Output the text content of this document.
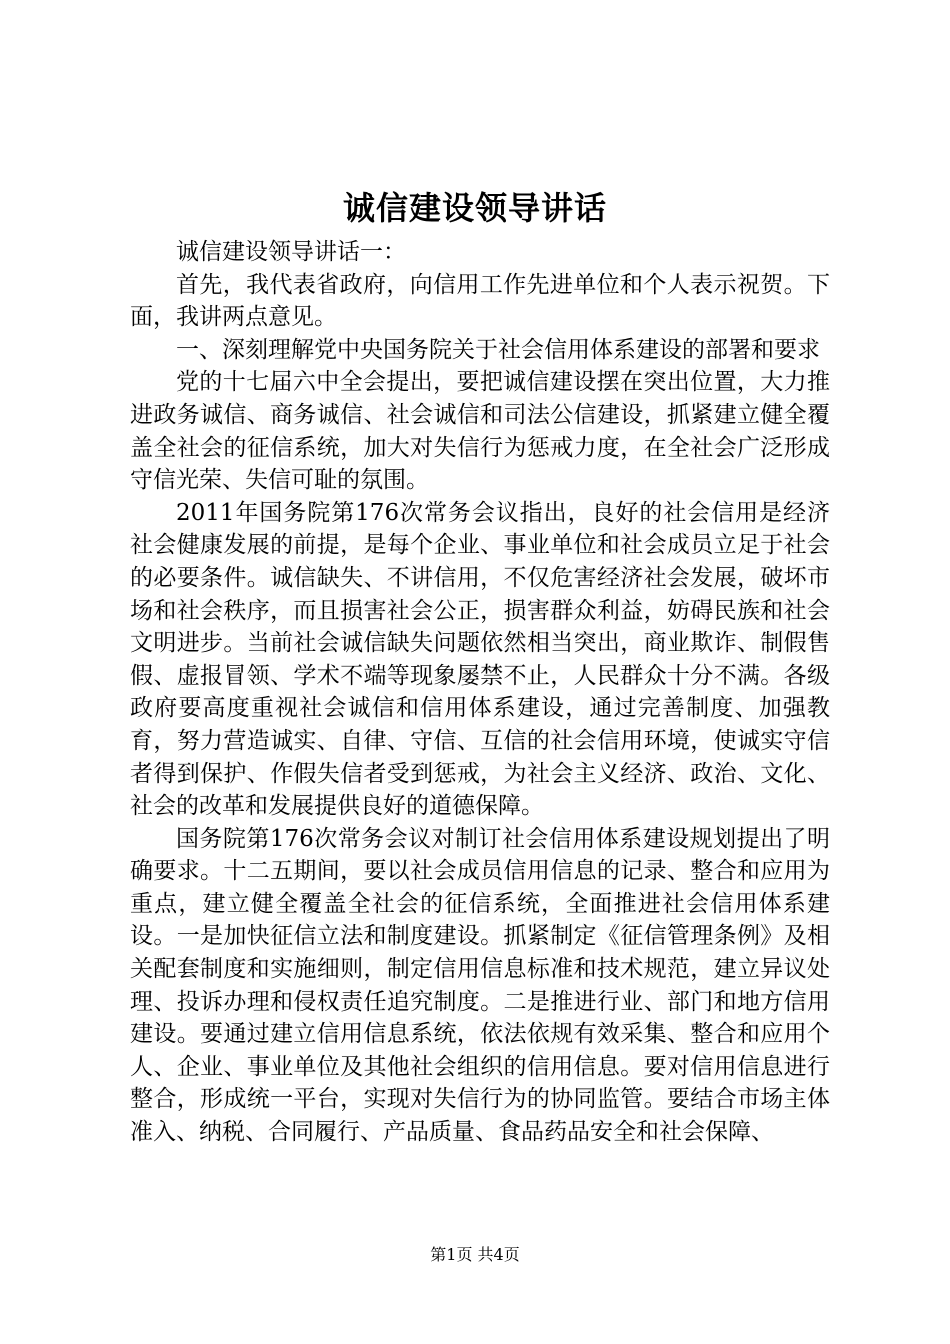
诚信建设领导讲话

诚信建设领导讲话一：

首先，我代表省政府，向信用工作先进单位和个人表示祝贺。下面，我讲两点意见。

一、深刻理解党中央国务院关于社会信用体系建设的部署和要求

党的十七届六中全会提出，要把诚信建设摆在突出位置，大力推进政务诚信、商务诚信、社会诚信和司法公信建设，抓紧建立健全覆盖全社会的征信系统，加大对失信行为惩戒力度，在全社会广泛形成守信光荣、失信可耻的氛围。

2011年国务院第176次常务会议指出，良好的社会信用是经济社会健康发展的前提，是每个企业、事业单位和社会成员立足于社会的必要条件。诚信缺失、不讲信用，不仅危害经济社会发展，破坏市场和社会秩序，而且损害社会公正，损害群众利益，妨碍民族和社会文明进步。当前社会诚信缺失问题依然相当突出，商业欺诈、制假售假、虚报冒领、学术不端等现象屡禁不止，人民群众十分不满。各级政府要高度重视社会诚信和信用体系建设，通过完善制度、加强教育，努力营造诚实、自律、守信、互信的社会信用环境，使诚实守信者得到保护、作假失信者受到惩戒，为社会主义经济、政治、文化、社会的改革和发展提供良好的道德保障。

国务院第176次常务会议对制订社会信用体系建设规划提出了明确要求。十二五期间，要以社会成员信用信息的记录、整合和应用为重点，建立健全覆盖全社会的征信系统，全面推进社会信用体系建设。一是加快征信立法和制度建设。抓紧制定《征信管理条例》及相关配套制度和实施细则，制定信用信息标准和技术规范，建立异议处理、投诉办理和侵权责任追究制度。二是推进行业、部门和地方信用建设。要通过建立信用信息系统，依法依规有效采集、整合和应用个人、企业、事业单位及其他社会组织的信用信息。要对信用信息进行整合，形成统一平台，实现对失信行为的协同监管。要结合市场主体准入、纳税、合同履行、产品质量、食品药品安全和社会保障、

第1页 共4页
